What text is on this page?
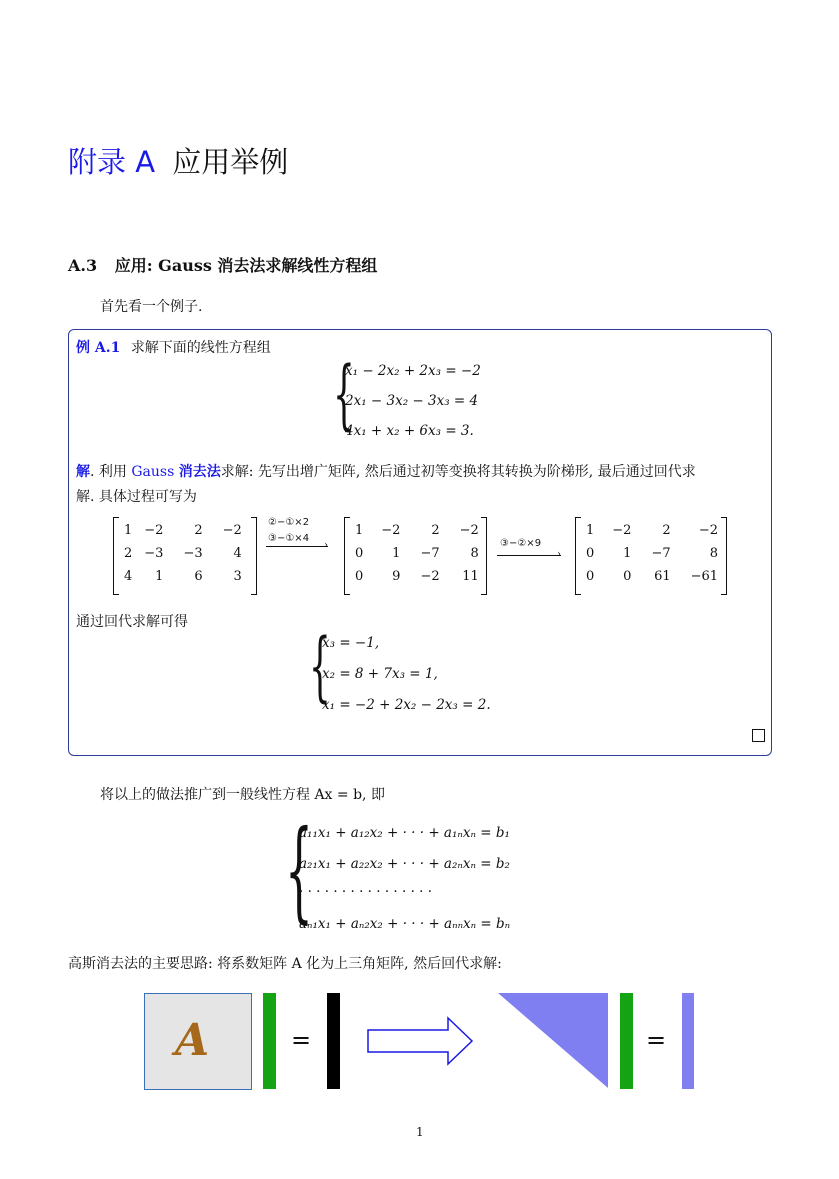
附录 A 应用举例
A.3 应用: Gauss 消去法求解线性方程组
首先看一个例子.
例 A.1 求解下面的线性方程组
{
x₁ − 2x₂ + 2x₃ = −2
2x₁ − 3x₂ − 3x₃ = 4
4x₁ + x₂ + 6x₃ = 3.
解. 利用 Gauss 消去法求解: 先写出增广矩阵, 然后通过初等变换将其转换为阶梯形, 最后通过回代求
解. 具体过程可写为
1	−2	2	−2
2	−3	−3	4
4	1	6	3
②−①×2
›
③−①×4
1	−2	2	−2
0	1	−7	8
0	9	−2	11
③−②×9
›
1	−2	2	−2
0	1	−7	8
0	0	61	−61
通过回代求解可得 {
x₃ = −1,
x₂ = 8 + 7x₃ = 1,
x₁ = −2 + 2x₂ − 2x₃ = 2.
将以上的做法推广到一般线性方程 Ax = b, 即
{
a₁₁x₁ + a₁₂x₂ + · · · + a₁ₙxₙ = b₁
a₂₁x₁ + a₂₂x₂ + · · · + a₂ₙxₙ = b₂
· · · · · · · · · · · · · · · ·
aₙ₁x₁ + aₙ₂x₂ + · · · + aₙₙxₙ = bₙ
高斯消去法的主要思路: 将系数矩阵 A 化为上三角矩阵, 然后回代求解:
A	=	=
1
